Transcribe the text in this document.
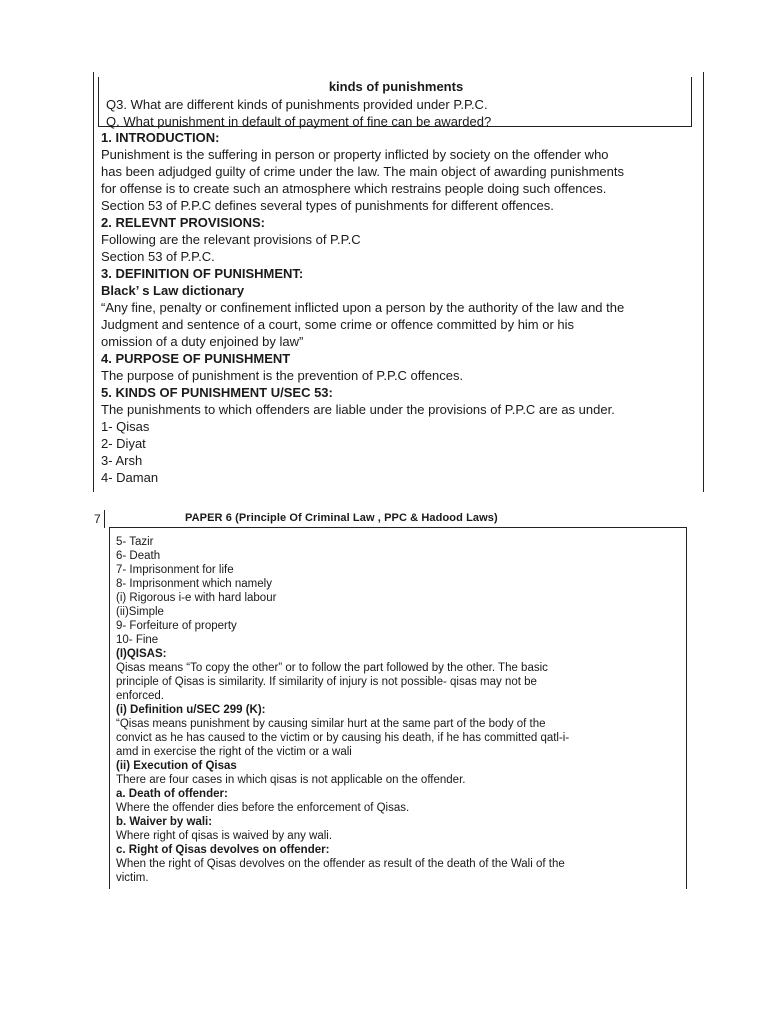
kinds of punishments
Q3. What are different kinds of punishments provided under P.P.C.
Q. What punishment in default of payment of fine can be awarded?
1. INTRODUCTION:
Punishment is the suffering in person or property inflicted by society on the offender who
has been adjudged guilty of crime under the law. The main object of awarding punishments
for offense is to create such an atmosphere which restrains people doing such offences.
Section 53 of P.P.C defines several types of punishments for different offences.
2. RELEVNT PROVISIONS:
Following are the relevant provisions of P.P.C
Section 53 of P.P.C.
3. DEFINITION OF PUNISHMENT:
Black’ s Law dictionary
“Any fine, penalty or confinement inflicted upon a person by the authority of the law and the
Judgment and sentence of a court, some crime or offence committed by him or his
omission of a duty enjoined by law”
4. PURPOSE OF PUNISHMENT
The purpose of punishment is the prevention of P.P.C offences.
5. KINDS OF PUNISHMENT U/SEC 53:
The punishments to which offenders are liable under the provisions of P.P.C are as under.
1- Qisas
2- Diyat
3- Arsh
4- Daman
7	PAPER 6 (Principle Of Criminal Law , PPC & Hadood Laws)
5- Tazir
6- Death
7- Imprisonment for life
8- Imprisonment which namely
(i) Rigorous i-e with hard labour
(ii)Simple
9- Forfeiture of property
10- Fine
(I)QISAS:
Qisas means “To copy the other” or to follow the part followed by the other. The basic
principle of Qisas is similarity. If similarity of injury is not possible- qisas may not be
enforced.
(i) Definition u/SEC 299 (K):
“Qisas means punishment by causing similar hurt at the same part of the body of the
convict as he has caused to the victim or by causing his death, if he has committed qatl-i-
amd in exercise the right of the victim or a wali
(ii) Execution of Qisas
There are four cases in which qisas is not applicable on the offender.
a. Death of offender:
Where the offender dies before the enforcement of Qisas.
b. Waiver by wali:
Where right of qisas is waived by any wali.
c. Right of Qisas devolves on offender:
When the right of Qisas devolves on the offender as result of the death of the Wali of the
victim.
